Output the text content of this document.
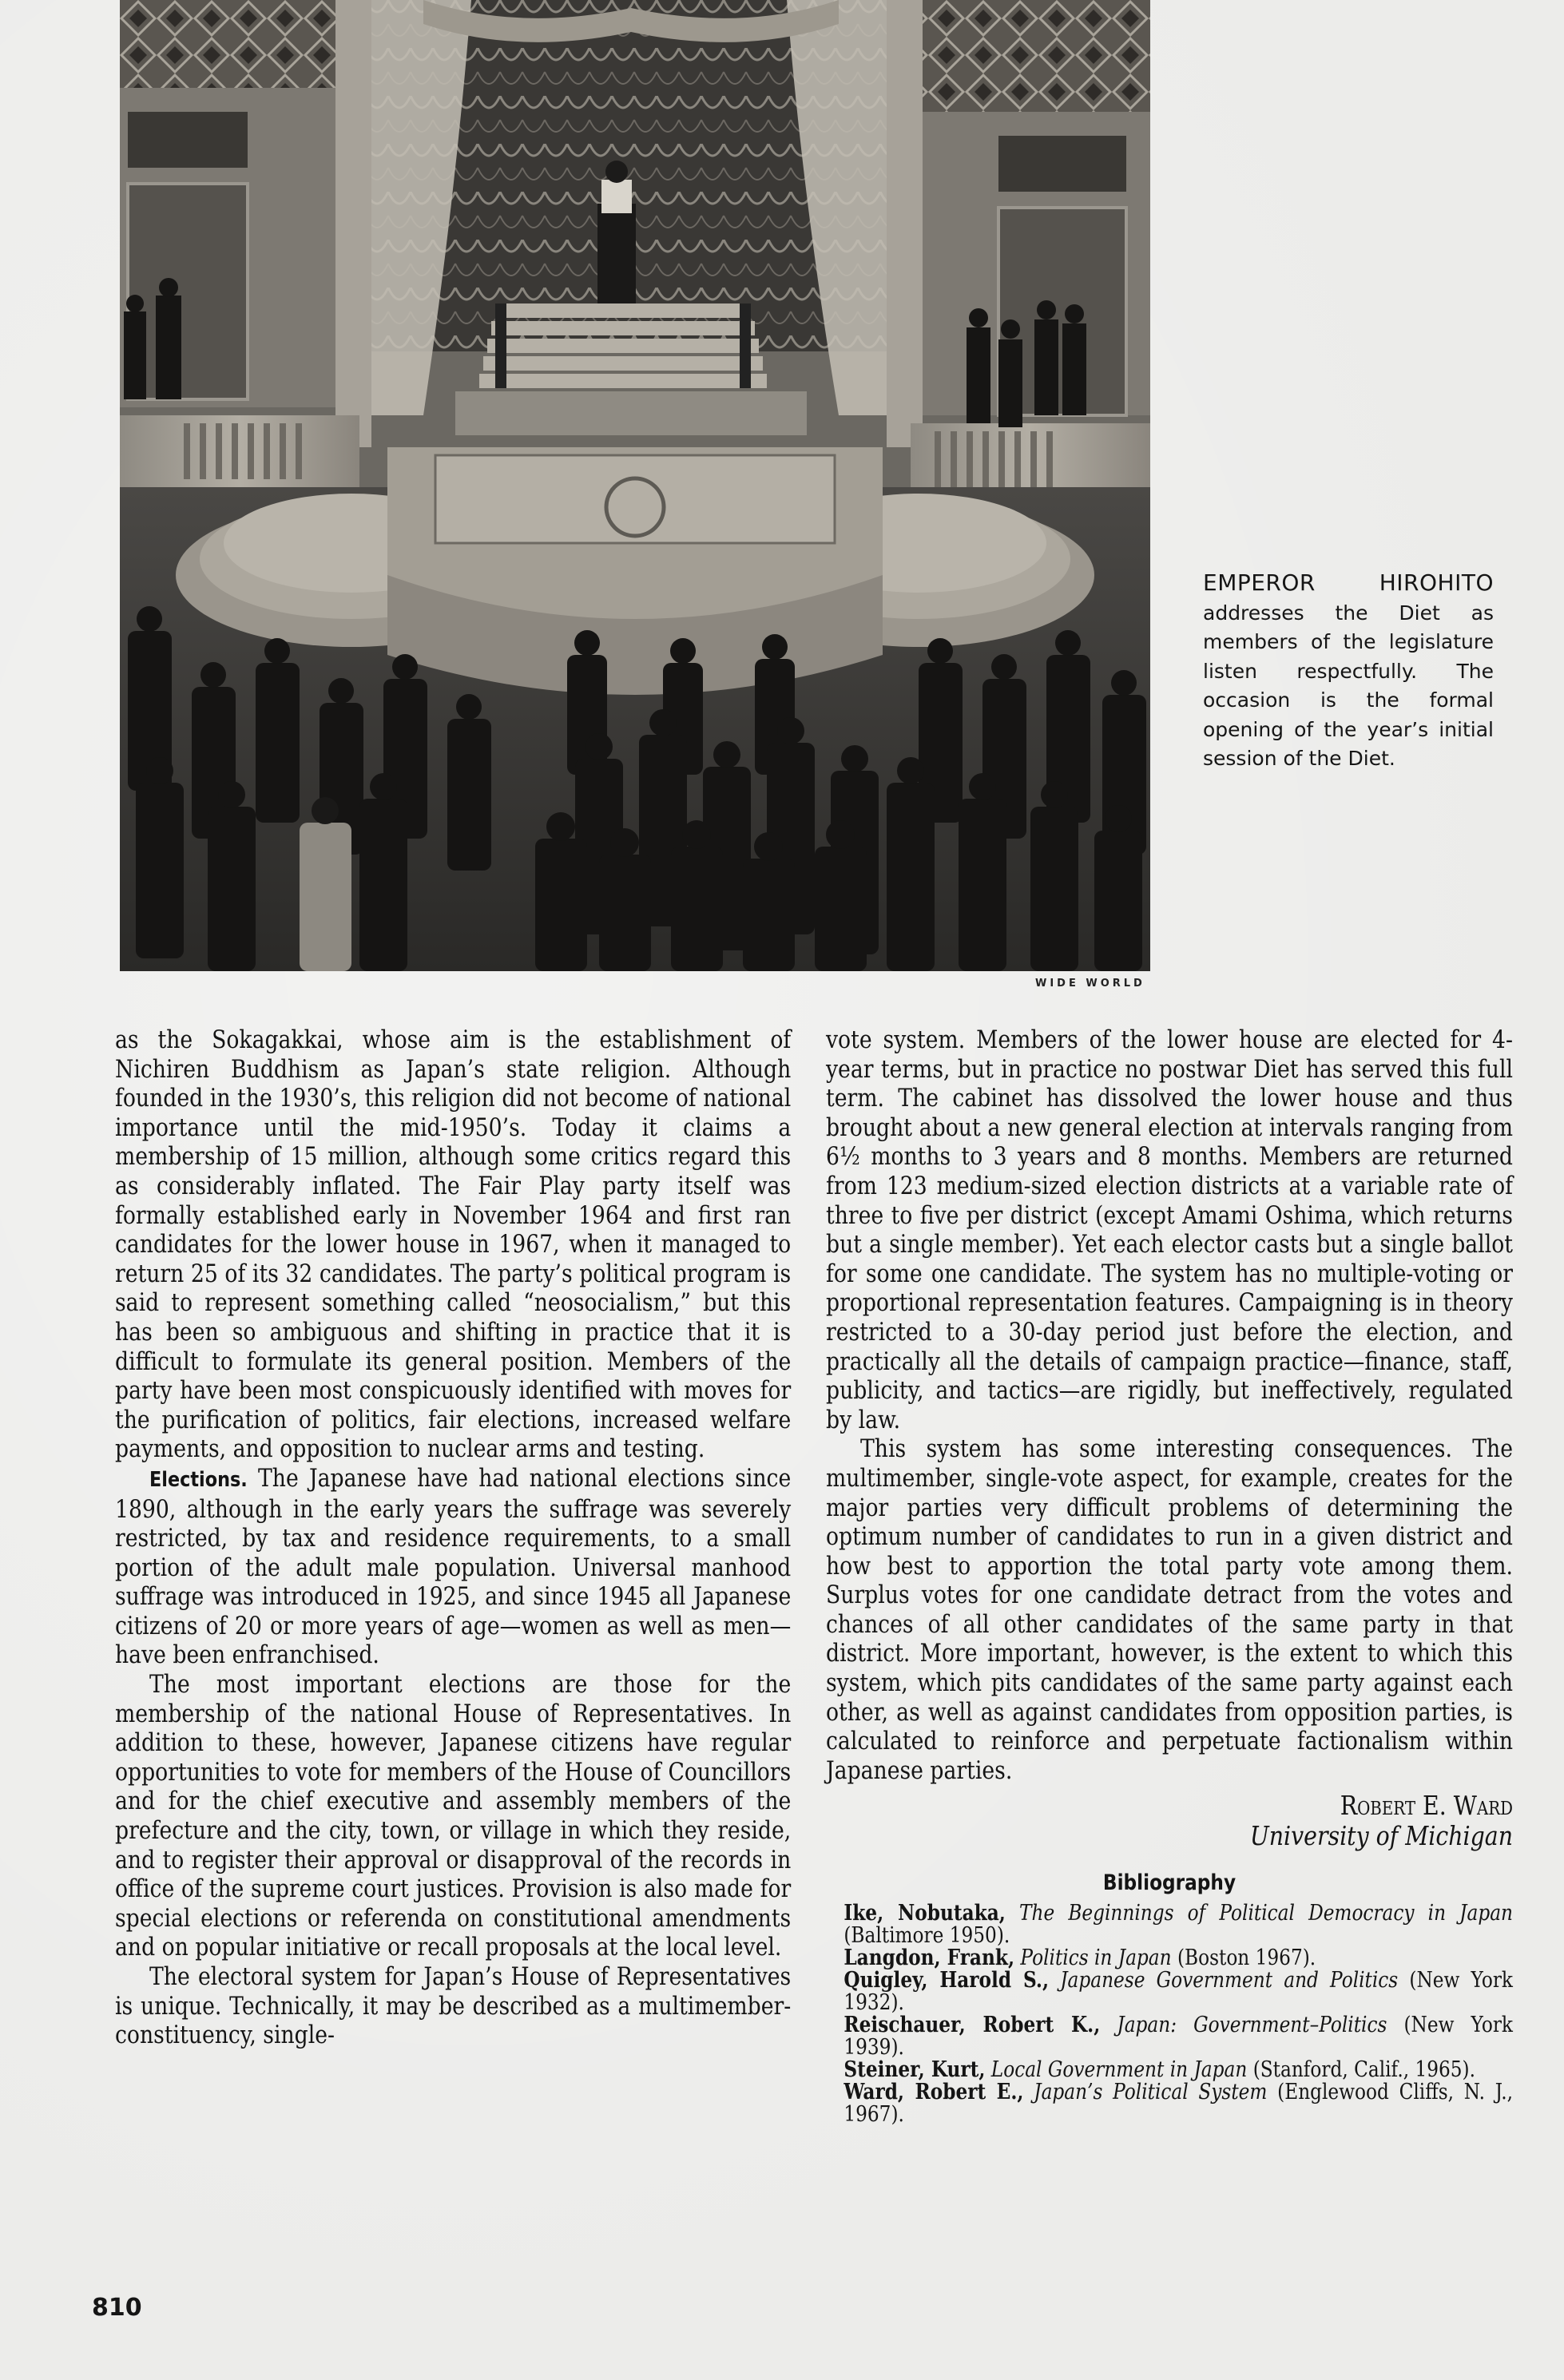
WIDE WORLD
EMPEROR HIROHITO addresses the Diet as members of the legislature listen respectfully. The occasion is the formal opening of the year’s initial session of the Diet.

as the Sokagakkai, whose aim is the establishment of Nichiren Buddhism as Japan’s state religion. Although founded in the 1930’s, this religion did not become of national importance until the mid-1950’s. Today it claims a membership of 15 million, although some critics regard this as considerably inflated. The Fair Play party itself was formally established early in November 1964 and first ran candidates for the lower house in 1967, when it managed to return 25 of its 32 candidates. The party’s political program is said to represent something called “neosocialism,” but this has been so ambiguous and shifting in practice that it is difficult to formulate its general position. Members of the party have been most conspicuously identified with moves for the purification of politics, fair elections, increased welfare payments, and opposition to nuclear arms and testing.

Elections. The Japanese have had national elections since 1890, although in the early years the suffrage was severely restricted, by tax and residence requirements, to a small portion of the adult male population. Universal manhood suffrage was introduced in 1925, and since 1945 all Japanese citizens of 20 or more years of age—women as well as men—have been enfranchised.

The most important elections are those for the membership of the national House of Representatives. In addition to these, however, Japanese citizens have regular opportunities to vote for members of the House of Councillors and for the chief executive and assembly members of the prefecture and the city, town, or village in which they reside, and to register their approval or disapproval of the records in office of the supreme court justices. Provision is also made for special elections or referenda on constitutional amendments and on popular initiative or recall proposals at the local level.

The electoral system for Japan’s House of Representatives is unique. Technically, it may be described as a multimember-constituency, single-

vote system. Members of the lower house are elected for 4-year terms, but in practice no postwar Diet has served this full term. The cabinet has dissolved the lower house and thus brought about a new general election at intervals ranging from 6½ months to 3 years and 8 months. Members are returned from 123 medium-sized election districts at a variable rate of three to five per district (except Amami Oshima, which returns but a single member). Yet each elector casts but a single ballot for some one candidate. The system has no multiple-voting or proportional representation features. Campaigning is in theory restricted to a 30-day period just before the election, and practically all the details of campaign practice—finance, staff, publicity, and tactics—are rigidly, but ineffectively, regulated by law.

This system has some interesting consequences. The multimember, single-vote aspect, for example, creates for the major parties very difficult problems of determining the optimum number of candidates to run in a given district and how best to apportion the total party vote among them. Surplus votes for one candidate detract from the votes and chances of all other candidates of the same party in that district. More important, however, is the extent to which this system, which pits candidates of the same party against each other, as well as against candidates from opposition parties, is calculated to reinforce and perpetuate factionalism within Japanese parties.

Robert E. Ward

University of Michigan

Bibliography

Ike, Nobutaka, The Beginnings of Political Democracy in Japan (Baltimore 1950).

Langdon, Frank, Politics in Japan (Boston 1967).

Quigley, Harold S., Japanese Government and Politics (New York 1932).

Reischauer, Robert K., Japan: Government–Politics (New York 1939).

Steiner, Kurt, Local Government in Japan (Stanford, Calif., 1965).

Ward, Robert E., Japan’s Political System (Englewood Cliffs, N. J., 1967).

810
